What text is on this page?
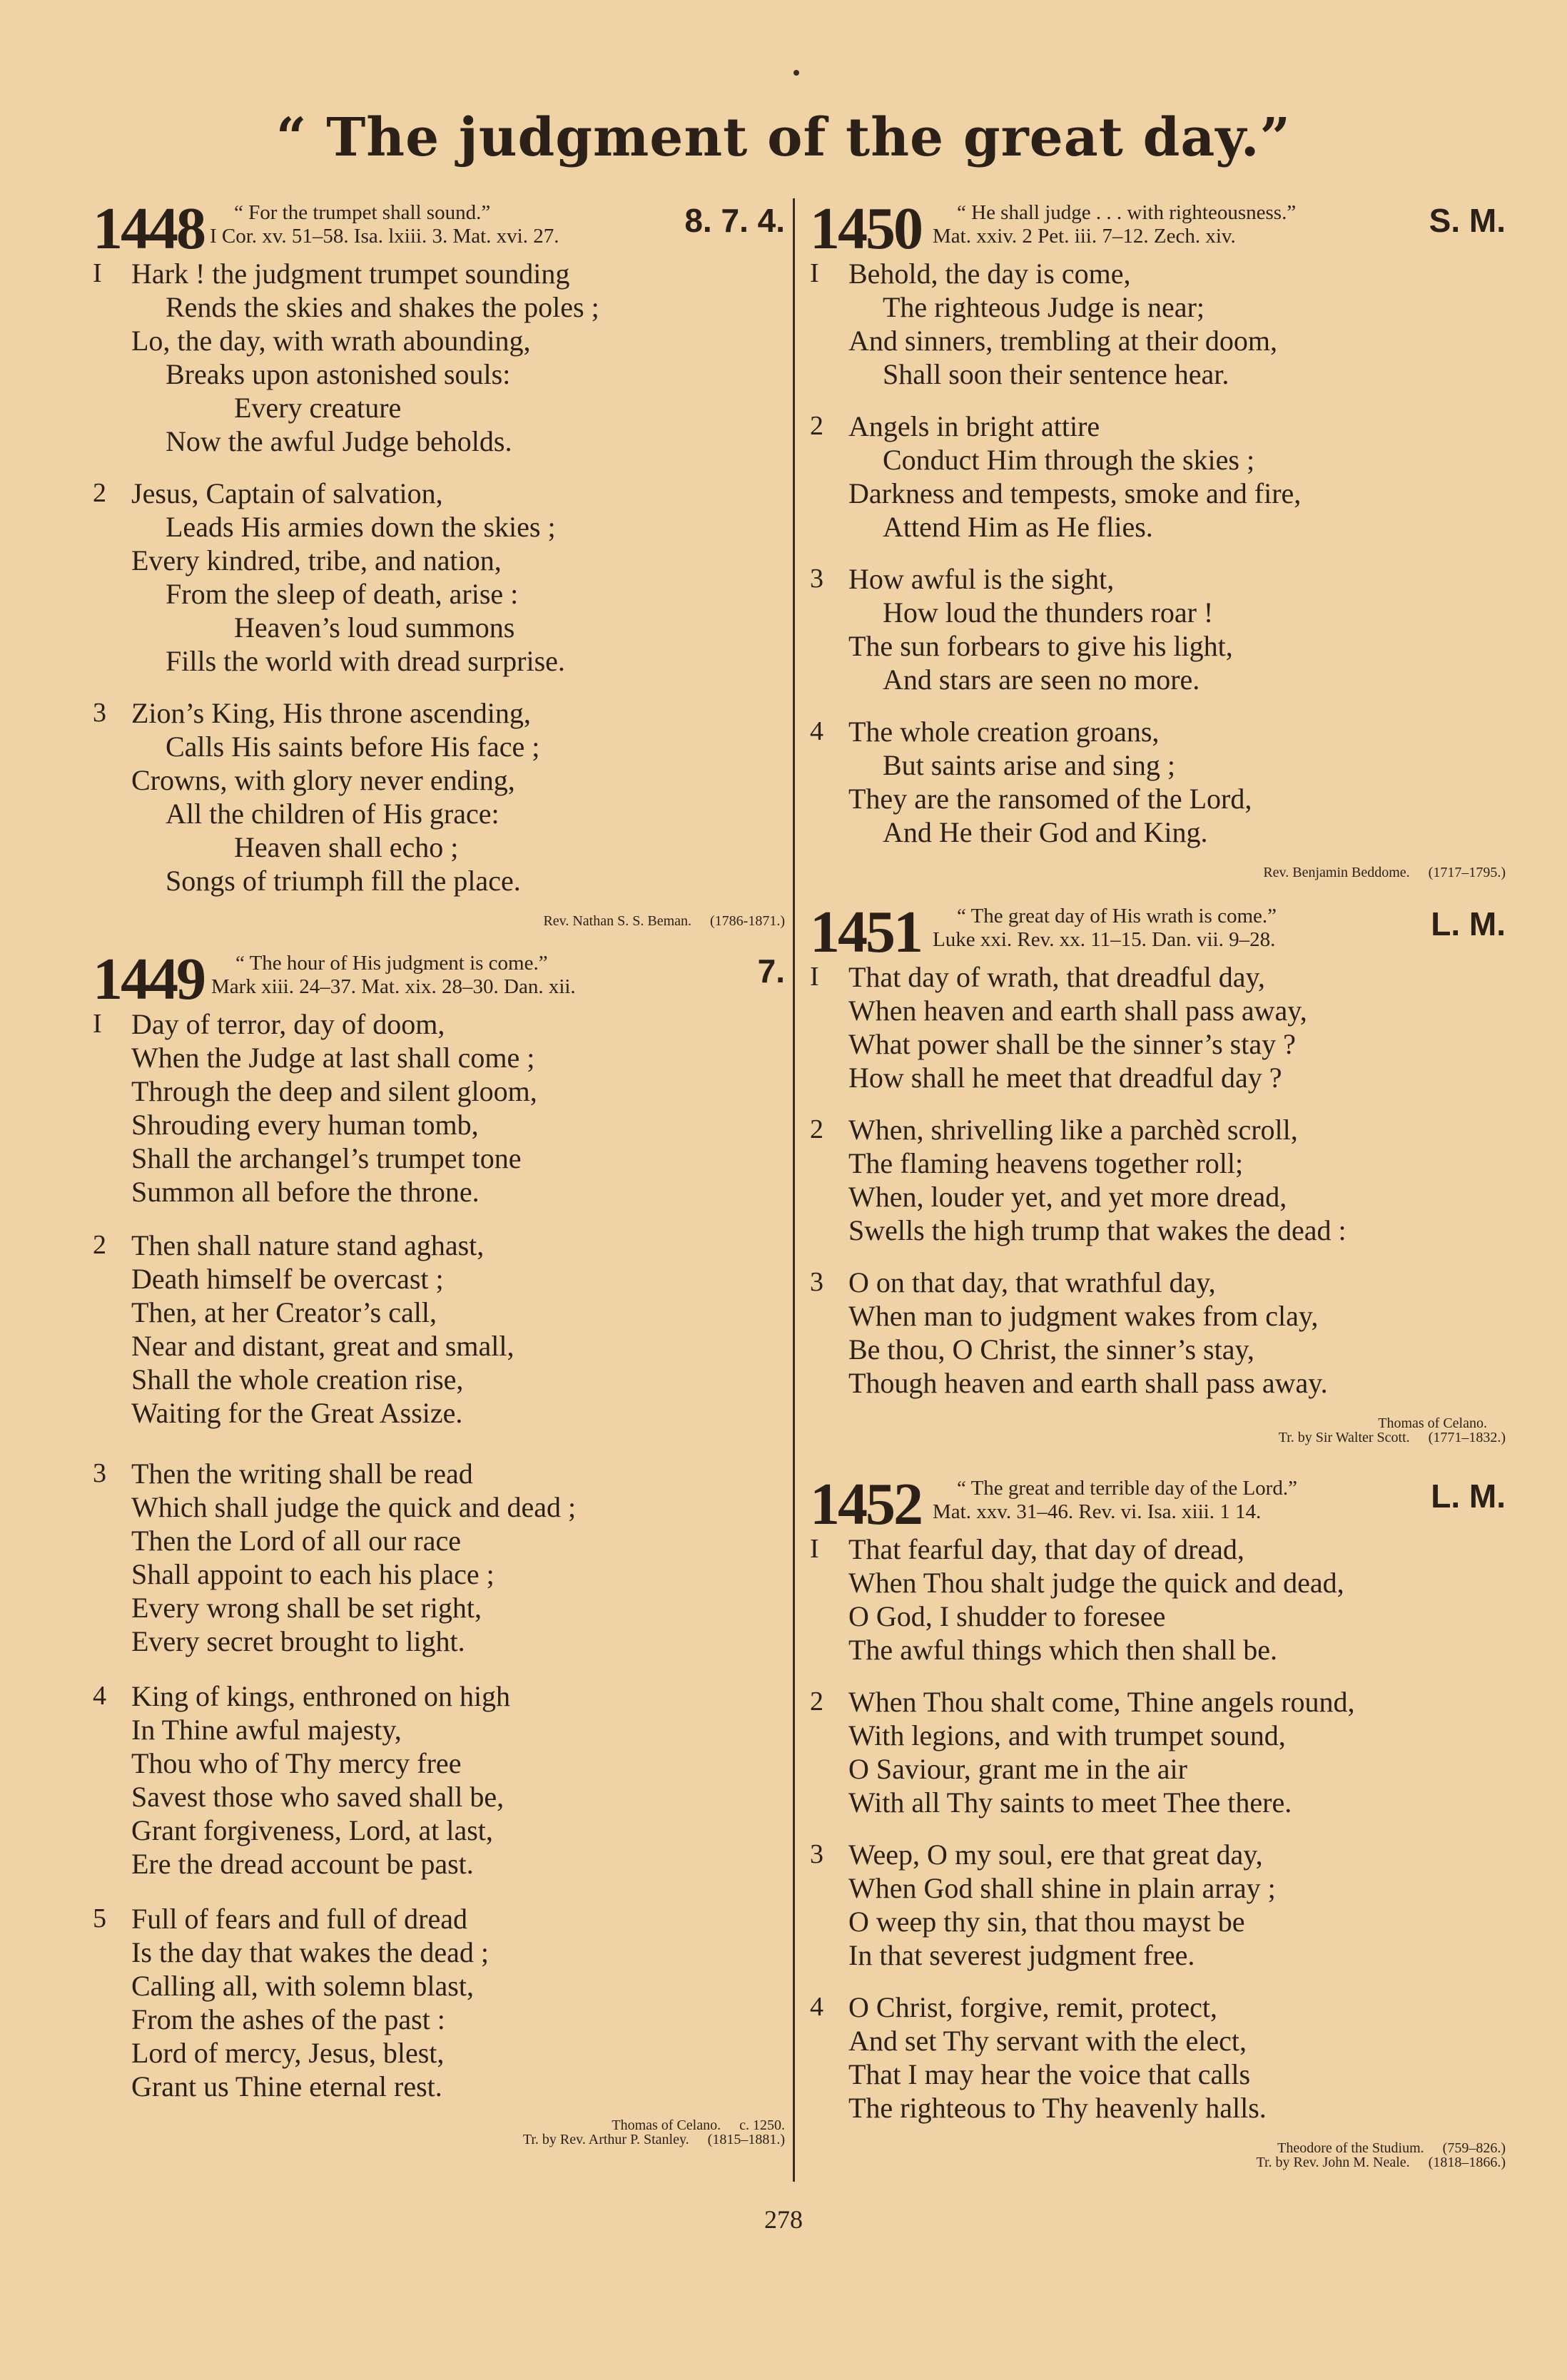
“ The judgment of the great day.”
1448	“ For the trumpet shall sound.”
I Cor. xv. 51–58. Isa. lxiii. 3. Mat. xvi. 27.	8. 7. 4.
I Hark ! the judgment trumpet sounding
Rends the skies and shakes the poles ;
Lo, the day, with wrath abounding,
Breaks upon astonished souls:
Every creature
Now the awful Judge beholds.
2 Jesus, Captain of salvation,
Leads His armies down the skies ;
Every kindred, tribe, and nation,
From the sleep of death, arise :
Heaven’s loud summons
Fills the world with dread surprise.
3 Zion’s King, His throne ascending,
Calls His saints before His face ;
Crowns, with glory never ending,
All the children of His grace:
Heaven shall echo ;
Songs of triumph fill the place.
Rev. Nathan S. S. Beman. (1786-1871.)
1449	“ The hour of His judgment is come.”
Mark xiii. 24–37. Mat. xix. 28–30. Dan. xii.	7.
I Day of terror, day of doom,
When the Judge at last shall come ;
Through the deep and silent gloom,
Shrouding every human tomb,
Shall the archangel’s trumpet tone
Summon all before the throne.
2 Then shall nature stand aghast,
Death himself be overcast ;
Then, at her Creator’s call,
Near and distant, great and small,
Shall the whole creation rise,
Waiting for the Great Assize.
3 Then the writing shall be read
Which shall judge the quick and dead ;
Then the Lord of all our race
Shall appoint to each his place ;
Every wrong shall be set right,
Every secret brought to light.
4 King of kings, enthroned on high
In Thine awful majesty,
Thou who of Thy mercy free
Savest those who saved shall be,
Grant forgiveness, Lord, at last,
Ere the dread account be past.
5 Full of fears and full of dread
Is the day that wakes the dead ;
Calling all, with solemn blast,
From the ashes of the past :
Lord of mercy, Jesus, blest,
Grant us Thine eternal rest.
Thomas of Celano. c. 1250.
Tr. by Rev. Arthur P. Stanley. (1815–1881.)
1450	“ He shall judge . . . with righteousness.”
Mat. xxiv. 2 Pet. iii. 7–12. Zech. xiv.	S. M.
I Behold, the day is come,
The righteous Judge is near;
And sinners, trembling at their doom,
Shall soon their sentence hear.
2 Angels in bright attire
Conduct Him through the skies ;
Darkness and tempests, smoke and fire,
Attend Him as He flies.
3 How awful is the sight,
How loud the thunders roar !
The sun forbears to give his light,
And stars are seen no more.
4 The whole creation groans,
But saints arise and sing ;
They are the ransomed of the Lord,
And He their God and King.
Rev. Benjamin Beddome. (1717–1795.)
1451	“ The great day of His wrath is come.”
Luke xxi. Rev. xx. 11–15. Dan. vii. 9–28.	L. M.
I That day of wrath, that dreadful day,
When heaven and earth shall pass away,
What power shall be the sinner’s stay ?
How shall he meet that dreadful day ?
2 When, shrivelling like a parchèd scroll,
The flaming heavens together roll;
When, louder yet, and yet more dread,
Swells the high trump that wakes the dead :
3 O on that day, that wrathful day,
When man to judgment wakes from clay,
Be thou, O Christ, the sinner’s stay,
Though heaven and earth shall pass away.
Thomas of Celano.
Tr. by Sir Walter Scott. (1771–1832.)
1452	“ The great and terrible day of the Lord.”
Mat. xxv. 31–46. Rev. vi. Isa. xiii. 1 14.	L. M.
I That fearful day, that day of dread,
When Thou shalt judge the quick and dead,
O God, I shudder to foresee
The awful things which then shall be.
2 When Thou shalt come, Thine angels round,
With legions, and with trumpet sound,
O Saviour, grant me in the air
With all Thy saints to meet Thee there.
3 Weep, O my soul, ere that great day,
When God shall shine in plain array ;
O weep thy sin, that thou mayst be
In that severest judgment free.
4 O Christ, forgive, remit, protect,
And set Thy servant with the elect,
That I may hear the voice that calls
The righteous to Thy heavenly halls.
Theodore of the Studium. (759–826.)
Tr. by Rev. John M. Neale. (1818–1866.)
278
